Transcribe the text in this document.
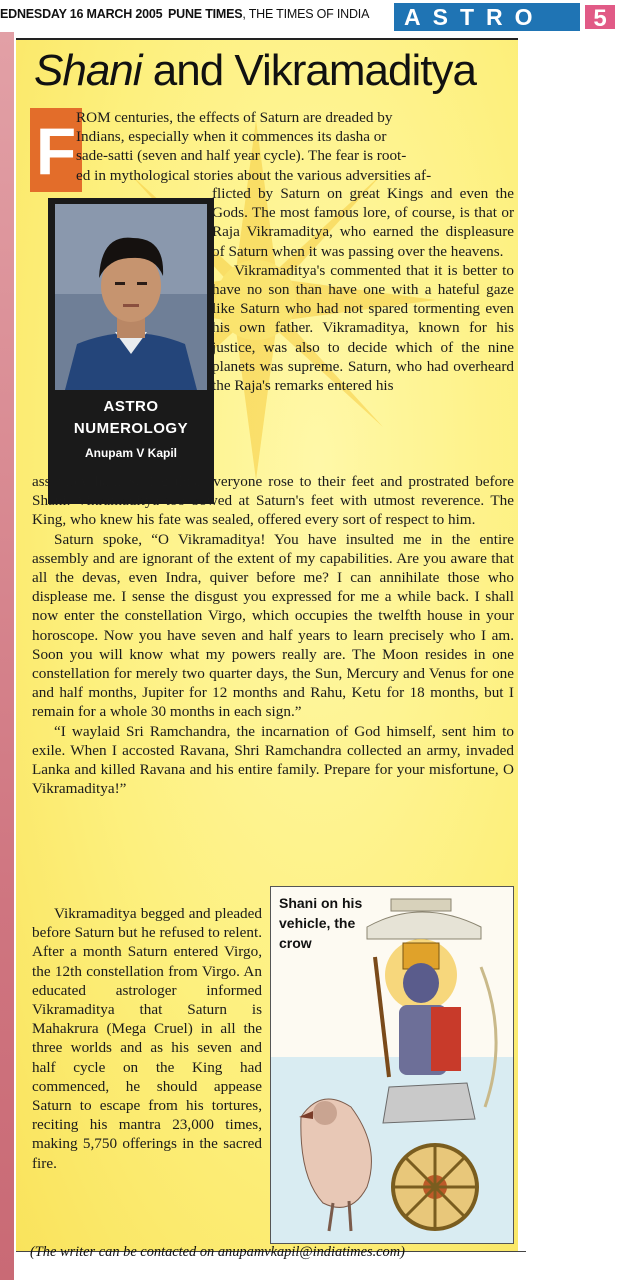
EDNESDAY 16 MARCH 2005 PUNE TIMES, THE TIMES OF INDIA	ASTRO	5
Shani and Vikramaditya
F ROM centuries, the effects of Saturn are dreaded by

Indians, especially when it commences its dasha or

sade-satti (seven and half year cycle). The fear is root-

ed in mythological stories about the various adversities af-

ASTRO
NUMEROLOGY
Anupam V Kapil

flicted by Saturn on great Kings and even the Gods. The most famous lore, of course, is that or Raja Vikramaditya, who earned the displeasure of Saturn when it was passing over the heavens.

Vikramaditya's commented that it is better to have no son than have one with a hateful gaze like Saturn who had not spared tormenting even his own father. Vikramaditya, known for his justice, was also to decide which of the nine planets was supreme. Saturn, who had overheard the Raja's remarks entered his

assembly hall. Seeing this, everyone rose to their feet and prostrated before Shani. Vikramaditya too bowed at Saturn's feet with utmost reverence. The King, who knew his fate was sealed, offered every sort of respect to him.

Saturn spoke, “O Vikramaditya! You have insulted me in the entire assembly and are ignorant of the extent of my capabilities. Are you aware that all the devas, even Indra, quiver before me? I can annihilate those who displease me. I sense the disgust you expressed for me a while back. I shall now enter the constellation Virgo, which occupies the twelfth house in your horoscope. Now you have seven and half years to learn precisely who I am. Soon you will know what my powers really are. The Moon resides in one constellation for merely two quarter days, the Sun, Mercury and Venus for one and half months, Jupiter for 12 months and Rahu, Ketu for 18 months, but I remain for a whole 30 months in each sign.”

“I waylaid Sri Ramchandra, the incarnation of God himself, sent him to exile. When I accosted Ravana, Shri Ramchandra collected an army, invaded Lanka and killed Ravana and his entire family. Prepare for your misfortune, O Vikramaditya!”

Vikramaditya begged and pleaded before Saturn but he refused to relent. After a month Saturn entered Virgo, the 12th constellation from Virgo. An educated astrologer informed Vikramaditya that Saturn is Mahakrura (Mega Cruel) in all the three worlds and as his seven and half cycle on the King had commenced, he should appease Saturn to escape from his tortures, reciting his mantra 23,000 times, making 5,750 offerings in the sacred fire.

Shani on his vehicle, the crow
(The writer can be contacted on anupamvkapil@indiatimes.com)
